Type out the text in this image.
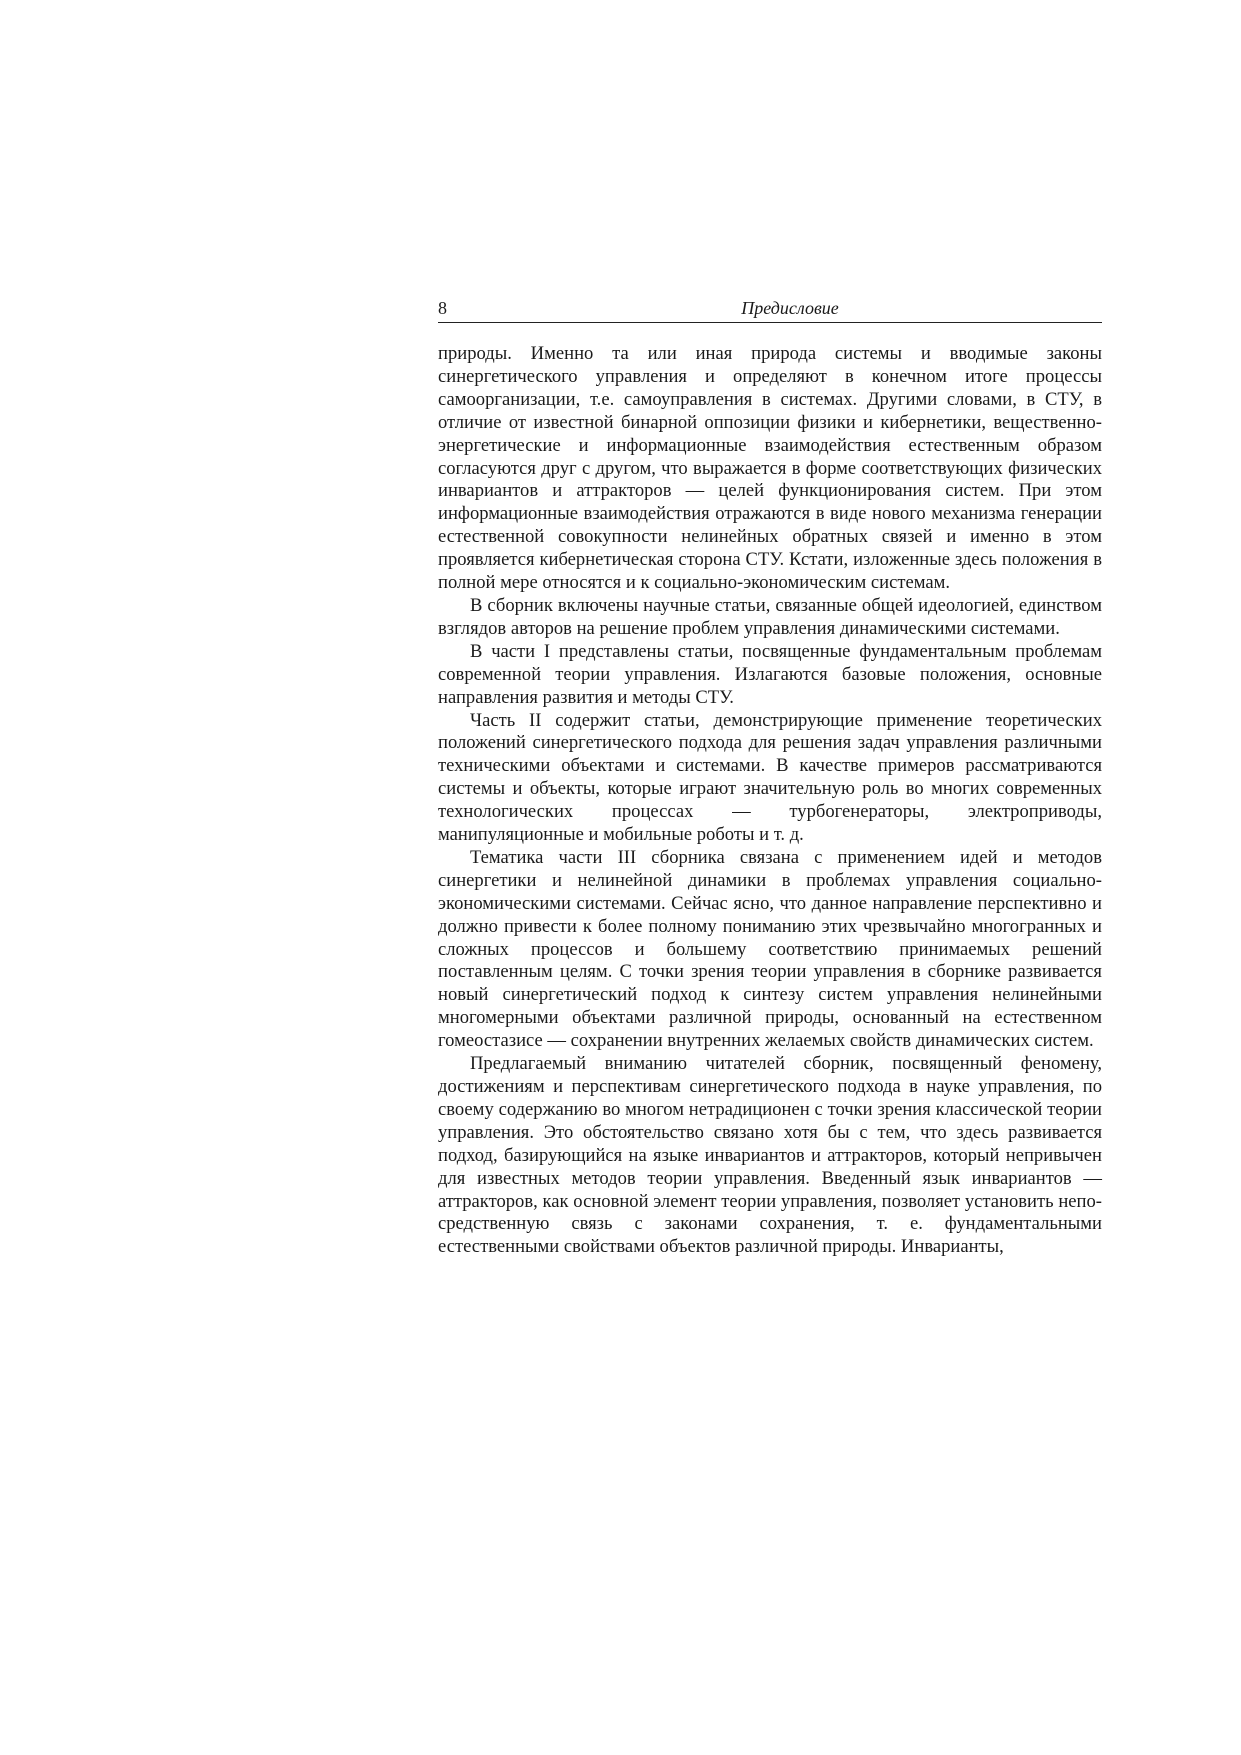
8	Предисловие

природы. Именно та или иная природа системы и вводимые законы синергетического управления и определяют в конечном итоге процессы самоорганизации, т.е. самоуправления в системах. Другими словами, в СТУ, в отличие от известной бинарной оппозиции физики и кибернетики, вещественно-энергетические и информационные взаимодействия естественным образом согласуются друг с другом, что выражается в форме соответствующих физических инвариантов и аттракторов — целей функционирования систем. При этом информационные взаимодействия отражаются в виде нового механизма генерации естественной совокупности нелинейных обратных связей и именно в этом проявляется кибернетическая сторона СТУ. Кстати, изложенные здесь положения в полной мере относятся и к социально-экономическим системам.

В сборник включены научные статьи, связанные общей идеологией, единством взглядов авторов на решение проблем управления динамическими системами.

В части I представлены статьи, посвященные фундаментальным проблемам современной теории управления. Излагаются базовые положения, основные направления развития и методы СТУ.

Часть II содержит статьи, демонстрирующие применение теоретических положений синергетического подхода для решения задач управления различными техническими объектами и системами. В качестве примеров рассматриваются системы и объекты, которые играют значительную роль во многих современных технологических процессах — турбогенераторы, электроприводы, манипуляционные и мобильные роботы и т. д.

Тематика части III сборника связана с применением идей и методов синергетики и нелинейной динамики в проблемах управления социально-экономическими системами. Сейчас ясно, что данное направление перспективно и должно привести к более полному пониманию этих чрезвычайно многогранных и сложных процессов и большему соответствию принимаемых решений поставленным целям. С точки зрения теории управления в сборнике развивается новый синергетический подход к синтезу систем управления нелинейными многомерными объектами различной природы, основанный на естественном гомеостазисе — сохранении внутренних желаемых свойств динамических систем.

Предлагаемый вниманию читателей сборник, посвященный феномену, достижениям и перспективам синергетического подхода в науке управления, по своему содержанию во многом нетрадиционен с точки зрения классической теории управления. Это обстоятельство связано хотя бы с тем, что здесь развивается подход, базирующийся на языке инвариантов и аттракторов, который непривычен для известных методов теории управления. Введенный язык инвариантов — аттракторов, как основной элемент теории управления, позволяет установить непосредственную связь с законами сохранения, т. е. фундаментальными естественными свойствами объектов различной природы. Инварианты,
